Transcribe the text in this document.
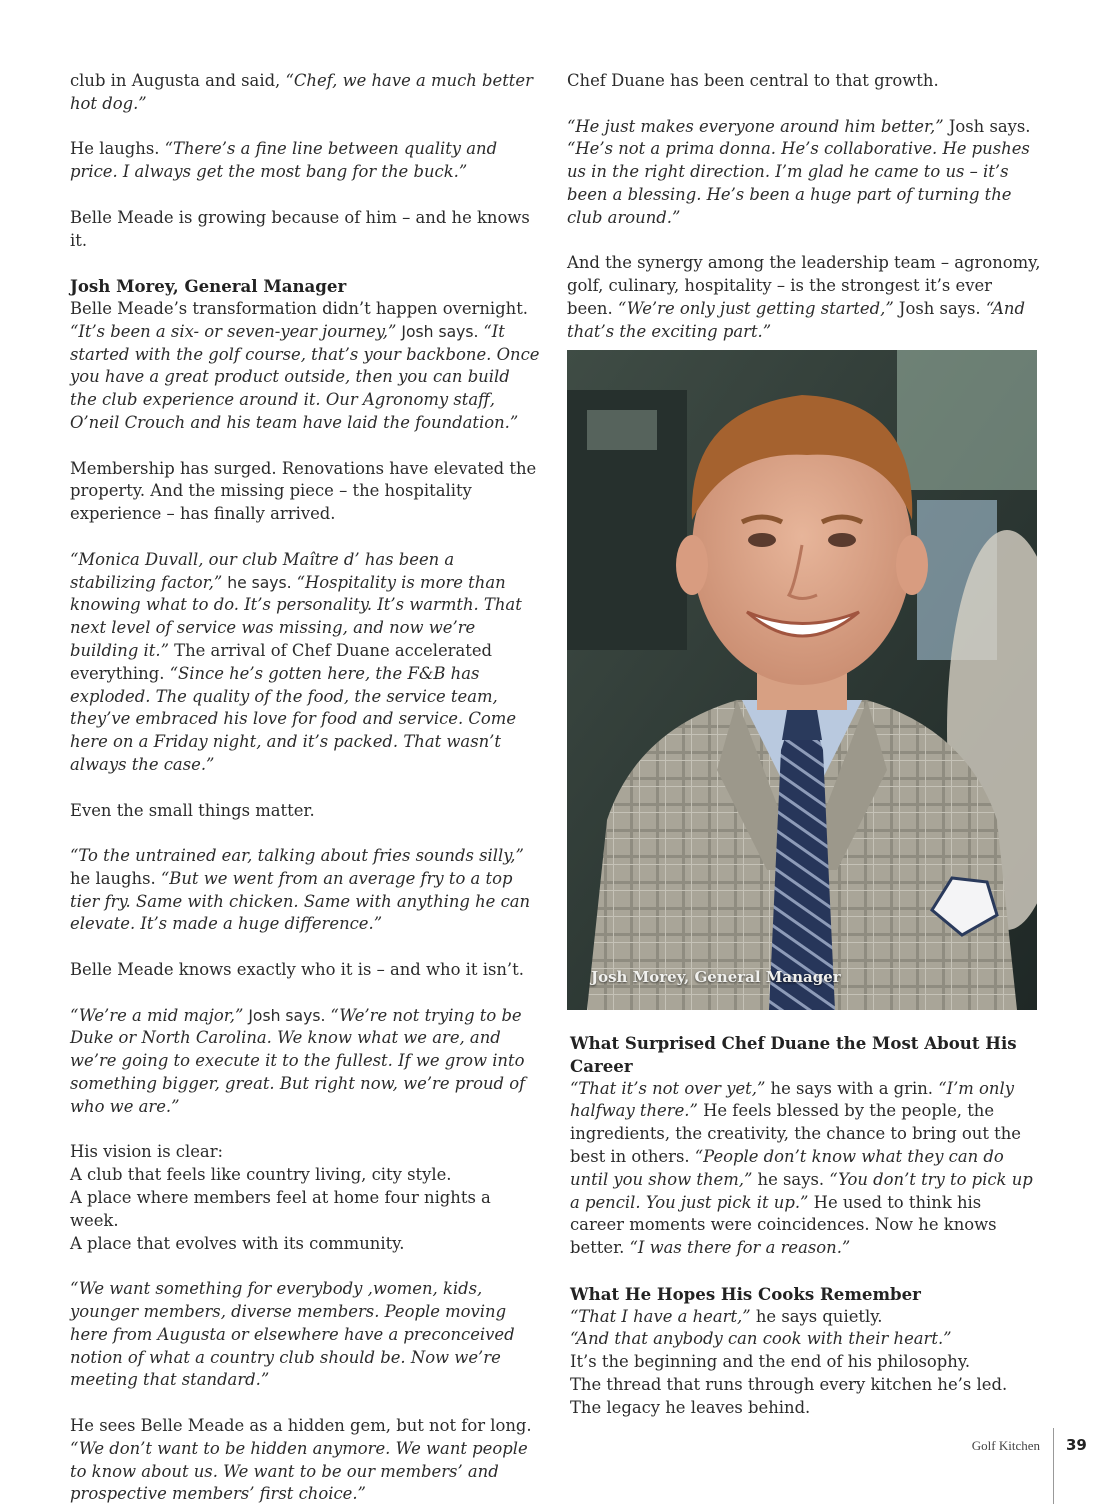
club in Augusta and said, “Chef, we have a much better hot dog.”

He laughs. “There’s a fine line between quality and price. I always get the most bang for the buck.”

Belle Meade is growing because of him – and he knows it.

Josh Morey, General Manager

Belle Meade’s transformation didn’t happen overnight. “It’s been a six- or seven-year journey,” Josh says. “It started with the golf course, that’s your backbone. Once you have a great product outside, then you can build the club experience around it. Our Agronomy staff, O’neil Crouch and his team have laid the foundation.”

Membership has surged. Renovations have elevated the property. And the missing piece – the hospitality experience – has finally arrived.

“Monica Duvall, our club Maître d’ has been a stabilizing factor,” he says. “Hospitality is more than knowing what to do. It’s personality. It’s warmth. That next level of service was missing, and now we’re building it.” The arrival of Chef Duane accelerated everything. “Since he’s gotten here, the F&B has exploded. The quality of the food, the service team, they’ve embraced his love for food and service. Come here on a Friday night, and it’s packed. That wasn’t always the case.”

Even the small things matter.

“To the untrained ear, talking about fries sounds silly,” he laughs. “But we went from an average fry to a top tier fry. Same with chicken. Same with anything he can elevate. It’s made a huge difference.”

Belle Meade knows exactly who it is – and who it isn’t.

“We’re a mid major,” Josh says. “We’re not trying to be Duke or North Carolina. We know what we are, and we’re going to execute it to the fullest. If we grow into something bigger, great. But right now, we’re proud of who we are.”

His vision is clear:
A club that feels like country living, city style.
A place where members feel at home four nights a week.
A place that evolves with its community.

“We want something for everybody ,women, kids, younger members, diverse members. People moving here from Augusta or elsewhere have a preconceived notion of what a country club should be. Now we’re meeting that standard.”

He sees Belle Meade as a hidden gem, but not for long.
“We don’t want to be hidden anymore. We want people to know about us. We want to be our members’ and prospective members’ first choice.”

Chef Duane has been central to that growth.

“He just makes everyone around him better,” Josh says. “He’s not a prima donna. He’s collaborative. He pushes us in the right direction. I’m glad he came to us – it’s been a blessing. He’s been a huge part of turning the club around.”

And the synergy among the leadership team – agronomy, golf, culinary, hospitality – is the strongest it’s ever been. “We’re only just getting started,” Josh says. “And that’s the exciting part.”

Josh Morey, General Manager
What Surprised Chef Duane the Most About His Career

“That it’s not over yet,” he says with a grin. “I’m only halfway there.” He feels blessed by the people, the ingredients, the creativity, the chance to bring out the best in others. “People don’t know what they can do until you show them,” he says. “You don’t try to pick up a pencil. You just pick it up.” He used to think his career moments were coincidences. Now he knows better. “I was there for a reason.”

What He Hopes His Cooks Remember

“That I have a heart,” he says quietly.
“And that anybody can cook with their heart.”
It’s the beginning and the end of his philosophy.
The thread that runs through every kitchen he’s led.
The legacy he leaves behind.

Golf Kitchen 39
